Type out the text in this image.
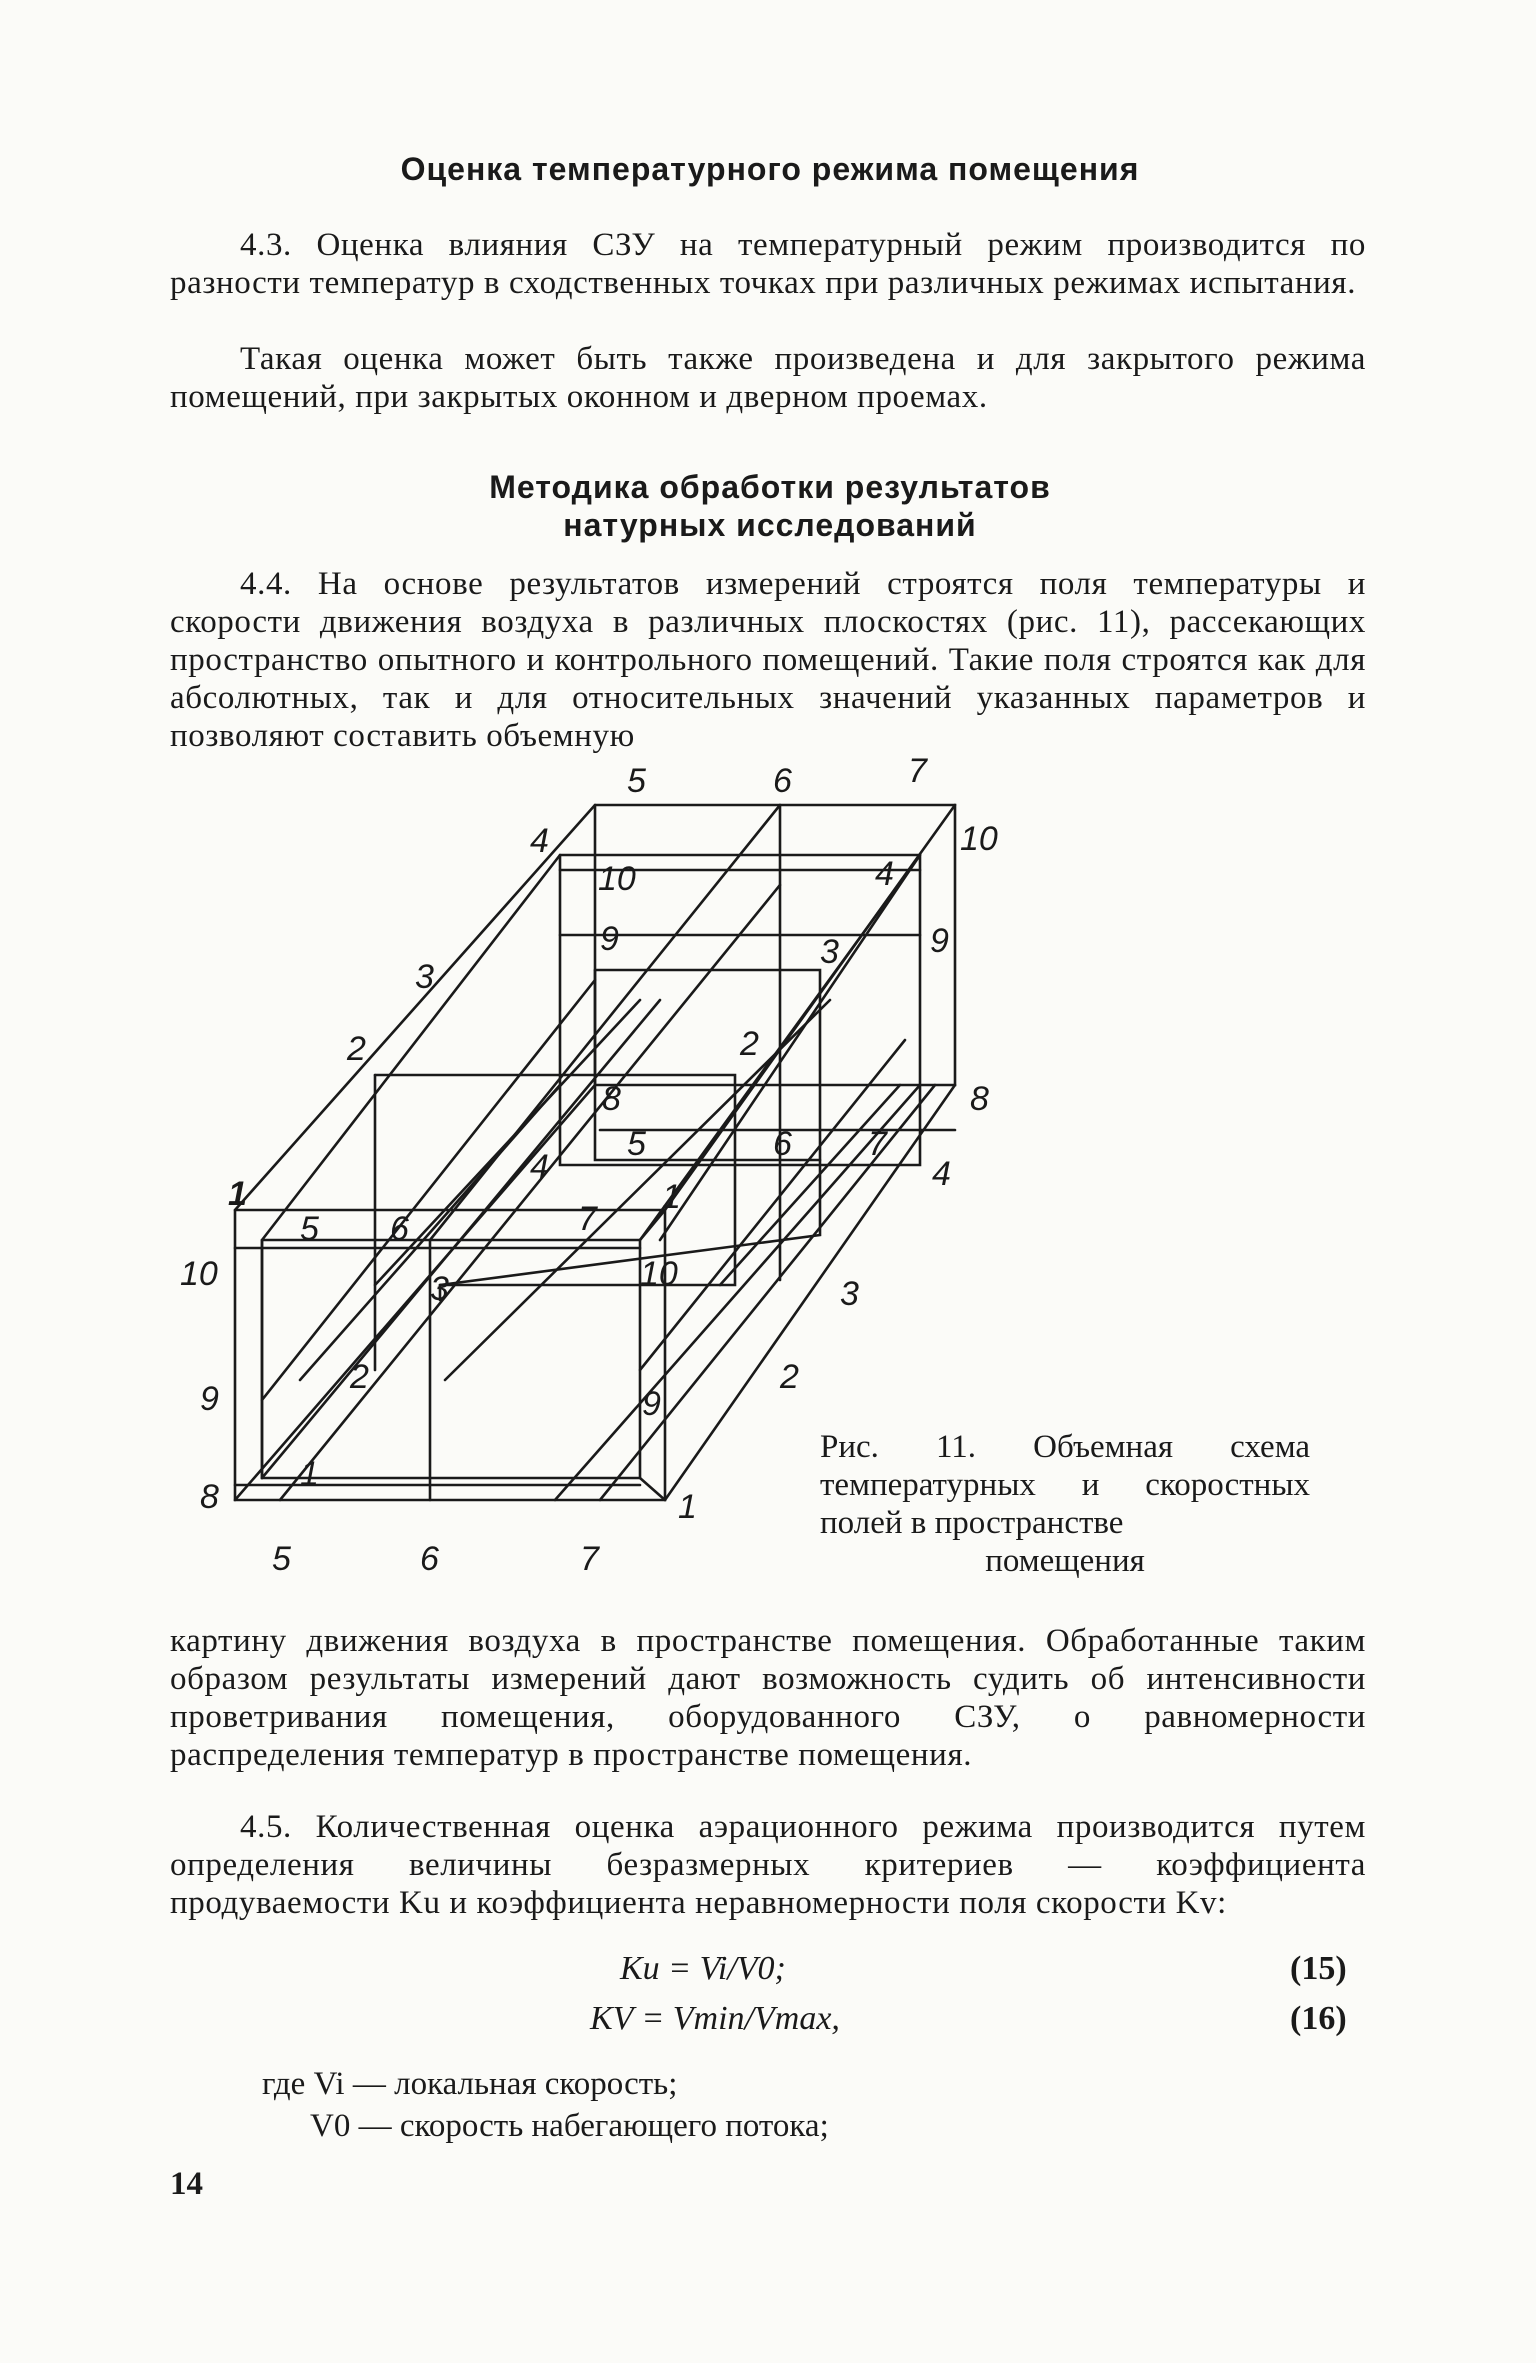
Оценка температурного режима помещения
4.3. Оценка влияния СЗУ на температурный режим производится по разности температур в сходственных точках при различных режимах испытания.
Такая оценка может быть также произведена и для закрытого режима помещений, при закрытых оконном и дверном проемах.
Методика обработки результатов
натурных исследований
4.4. На основе результатов измерений строятся поля температуры и скорости движения воздуха в различных плоскостях (рис. 11), рассекающих пространство опытного и контрольного помещений. Такие поля строятся как для абсолютных, так и для относительных значений указанных параметров и позволяют составить объемную
5	6	7
4	10
10	4
9	3	9
3
2
2
8
8
5	6 7
4	4
1
5 6	7
1
10	3	10
3
9
2	2
9
8
1
1
5	6	7
Рис. 11. Объемная схема температурных и скоростных полей в пространстве
помещения
картину движения воздуха в пространстве помещения. Обработанные таким образом результаты измерений дают возможность судить об интенсивности проветривания помещения, оборудованного СЗУ, о равномерности распределения температур в пространстве помещения.
4.5. Количественная оценка аэрационного режима производится путем определения величины безразмерных критериев — коэффициента продуваемости Ku и коэффициента неравномерности поля скорости Kv:
Ku = Vi/V0;	(15)
KV = Vmin/Vmax,	(16)
где Vi — локальная скорость;
V0 — скорость набегающего потока;
14
